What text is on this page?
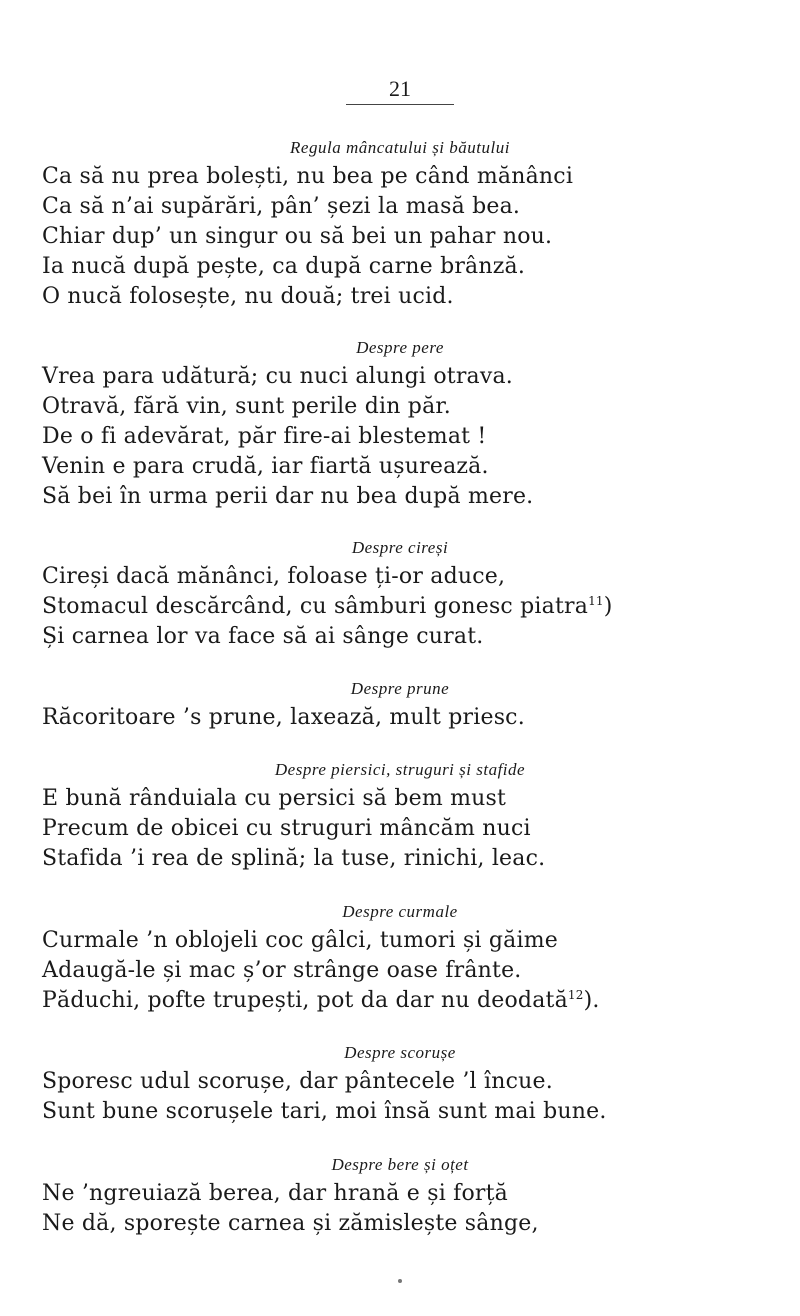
21
Regula mâncatului și băutului
Ca să nu prea bolești, nu bea pe când mănânci
Ca să n’ai supărări, pân’ șezi la masă bea.
Chiar dup’ un singur ou să bei un pahar nou.
Ia nucă după pește, ca după carne brânză.
O nucă folosește, nu două; trei ucid.
Despre pere
Vrea para udătură; cu nuci alungi otrava.
Otravă, fără vin, sunt perile din păr.
De o fi adevărat, păr fire-ai blestemat !
Venin e para crudă, iar fiartă ușurează.
Să bei în urma perii dar nu bea după mere.
Despre cireși
Cireși dacă mănânci, foloase ți-or aduce,
Stomacul descărcând, cu sâmburi gonesc piatra$^{11}$)
Și carnea lor va face să ai sânge curat.
Despre prune
Răcoritoare ’s prune, laxează, mult priesc.
Despre piersici, struguri și stafide
E bună rânduiala cu persici să bem must
Precum de obicei cu struguri mâncăm nuci
Stafida ’i rea de splină; la tuse, rinichi, leac.
Despre curmale
Curmale ’n oblojeli coc gâlci, tumori și găime
Adaugă-le și mac ș’or strânge oase frânte.
Păduchi, pofte trupești, pot da dar nu deodată$^{12}$).
Despre scorușe
Sporesc udul scorușe, dar pântecele ’l încue.
Sunt bune scorușele tari, moi însă sunt mai bune.
Despre bere și oțet
Ne ’ngreuiază berea, dar hrană e și forță
Ne dă, sporește carnea și zămislește sânge,
